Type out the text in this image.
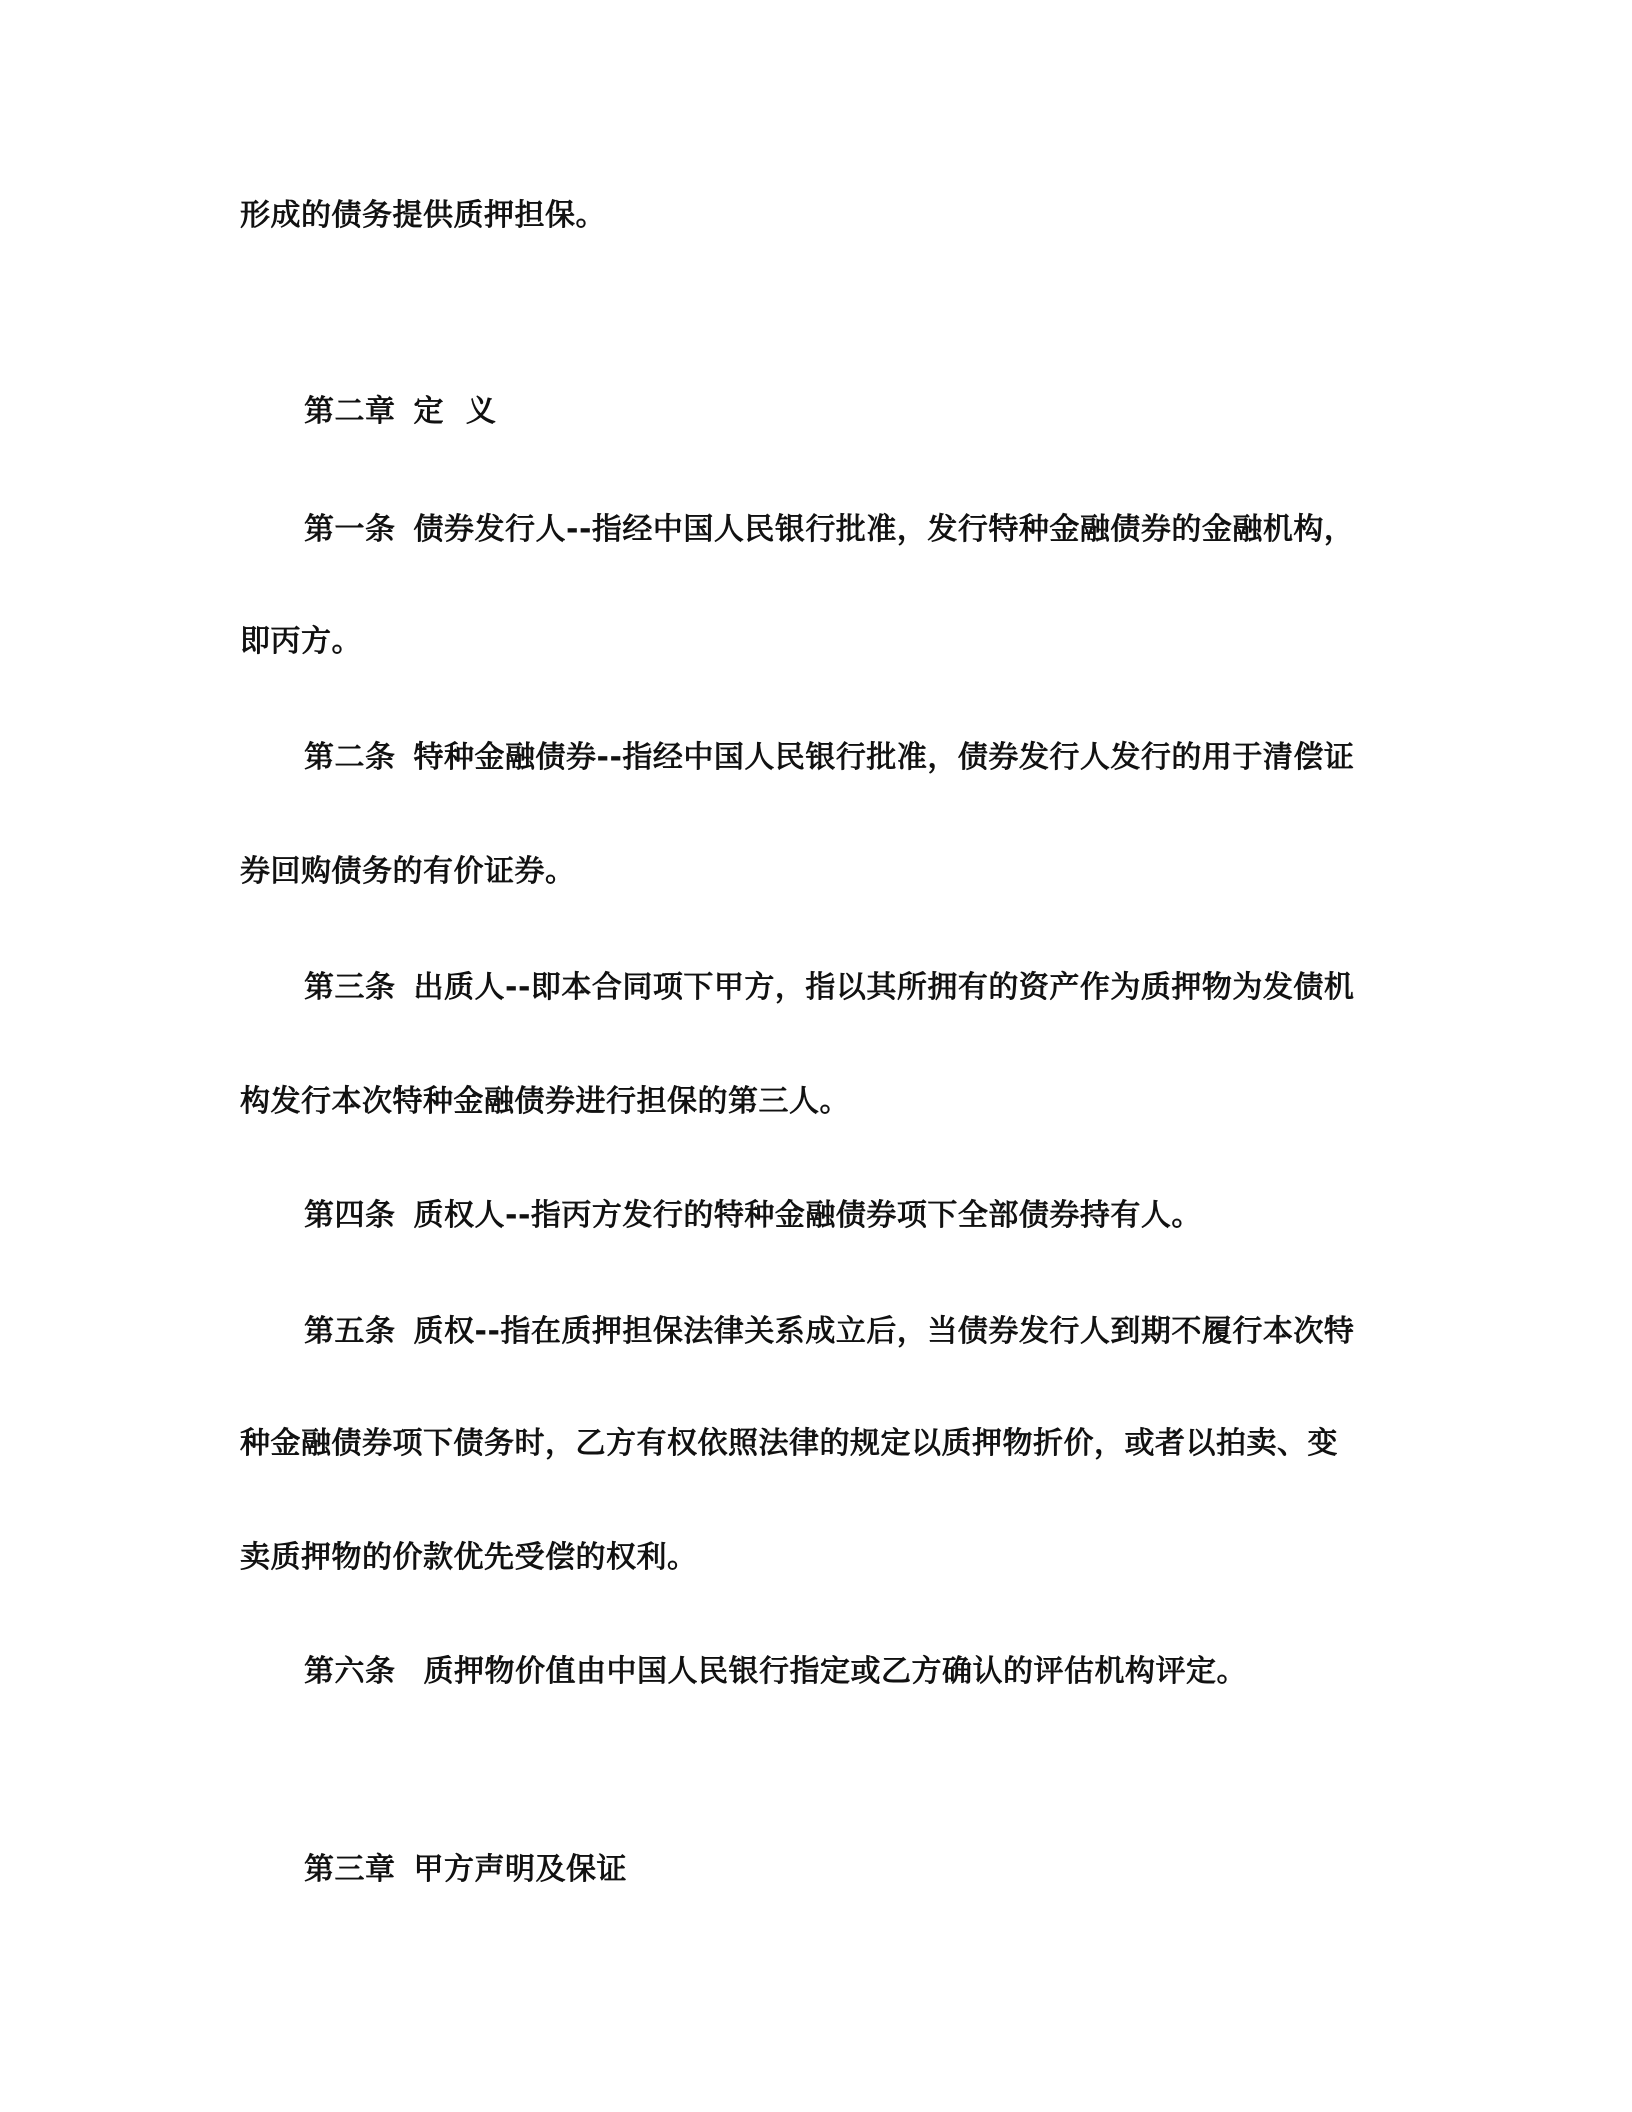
形成的债务提供质押担保。
第二章 定  义
第一条 债券发行人--指经中国人民银行批准，发行特种金融债券的金融机构，
即丙方。
第二条 特种金融债券--指经中国人民银行批准，债券发行人发行的用于清偿证
券回购债务的有价证券。
第三条 出质人--即本合同项下甲方，指以其所拥有的资产作为质押物为发债机
构发行本次特种金融债券进行担保的第三人。
第四条 质权人--指丙方发行的特种金融债券项下全部债券持有人。
第五条 质权--指在质押担保法律关系成立后，当债券发行人到期不履行本次特
种金融债券项下债务时，乙方有权依照法律的规定以质押物折价，或者以拍卖、变
卖质押物的价款优先受偿的权利。
第六条 质押物价值由中国人民银行指定或乙方确认的评估机构评定。
第三章 甲方声明及保证
